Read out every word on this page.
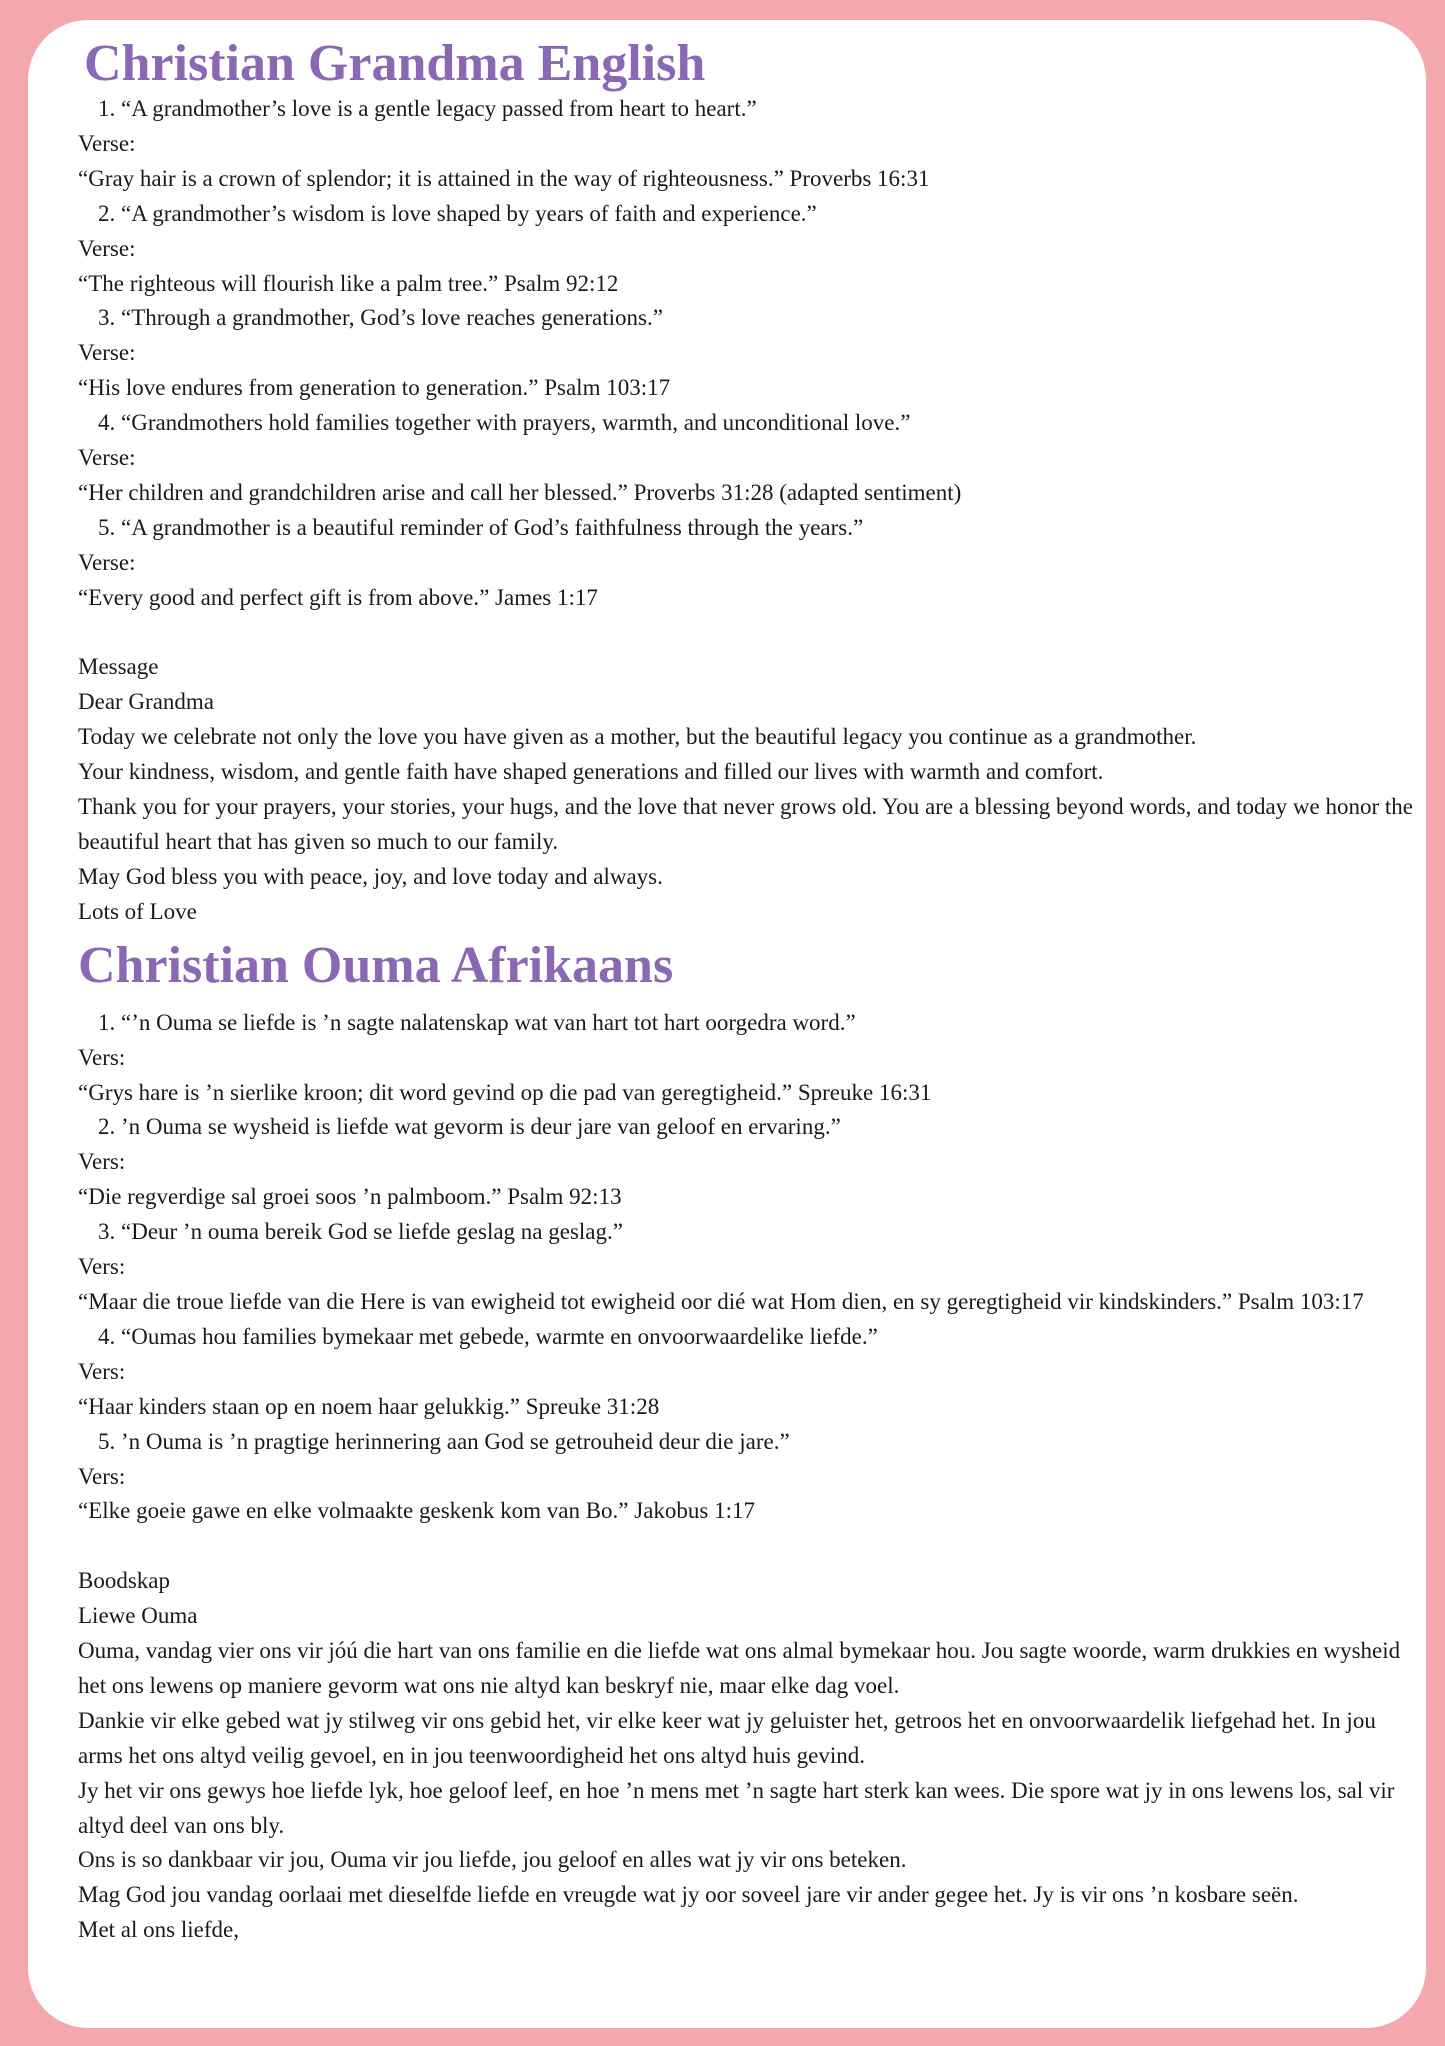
Christian Grandma English
1. “A grandmother’s love is a gentle legacy passed from heart to heart.”
Verse:
“Gray hair is a crown of splendor; it is attained in the way of righteousness.” Proverbs 16:31
2. “A grandmother’s wisdom is love shaped by years of faith and experience.”
Verse:
“The righteous will flourish like a palm tree.” Psalm 92:12
3. “Through a grandmother, God’s love reaches generations.”
Verse:
“His love endures from generation to generation.” Psalm 103:17
4. “Grandmothers hold families together with prayers, warmth, and unconditional love.”
Verse:
“Her children and grandchildren arise and call her blessed.” Proverbs 31:28 (adapted sentiment)
5. “A grandmother is a beautiful reminder of God’s faithfulness through the years.”
Verse:
“Every good and perfect gift is from above.” James 1:17
Message
Dear Grandma
Today we celebrate not only the love you have given as a mother, but the beautiful legacy you continue as a grandmother.
Your kindness, wisdom, and gentle faith have shaped generations and filled our lives with warmth and comfort.
Thank you for your prayers, your stories, your hugs, and the love that never grows old. You are a blessing beyond words, and today we honor the beautiful heart that has given so much to our family.
May God bless you with peace, joy, and love today and always.
Lots of Love
Christian Ouma Afrikaans
1. “’n Ouma se liefde is ’n sagte nalatenskap wat van hart tot hart oorgedra word.”
Vers:
“Grys hare is ’n sierlike kroon; dit word gevind op die pad van geregtigheid.” Spreuke 16:31
2. ’n Ouma se wysheid is liefde wat gevorm is deur jare van geloof en ervaring.”
Vers:
“Die regverdige sal groei soos ’n palmboom.” Psalm 92:13
3. “Deur ’n ouma bereik God se liefde geslag na geslag.”
Vers:
“Maar die troue liefde van die Here is van ewigheid tot ewigheid oor dié wat Hom dien, en sy geregtigheid vir kindskinders.” Psalm 103:17
4. “Oumas hou families bymekaar met gebede, warmte en onvoorwaardelike liefde.”
Vers:
“Haar kinders staan op en noem haar gelukkig.” Spreuke 31:28
5. ’n Ouma is ’n pragtige herinnering aan God se getrouheid deur die jare.”
Vers:
“Elke goeie gawe en elke volmaakte geskenk kom van Bo.” Jakobus 1:17
Boodskap
Liewe Ouma
Ouma, vandag vier ons vir jóú die hart van ons familie en die liefde wat ons almal bymekaar hou. Jou sagte woorde, warm drukkies en wysheid het ons lewens op maniere gevorm wat ons nie altyd kan beskryf nie, maar elke dag voel.
Dankie vir elke gebed wat jy stilweg vir ons gebid het, vir elke keer wat jy geluister het, getroos het en onvoorwaardelik liefgehad het. In jou arms het ons altyd veilig gevoel, en in jou teenwoordigheid het ons altyd huis gevind.
Jy het vir ons gewys hoe liefde lyk, hoe geloof leef, en hoe ’n mens met ’n sagte hart sterk kan wees. Die spore wat jy in ons lewens los, sal vir altyd deel van ons bly.
Ons is so dankbaar vir jou, Ouma vir jou liefde, jou geloof en alles wat jy vir ons beteken.
Mag God jou vandag oorlaai met dieselfde liefde en vreugde wat jy oor soveel jare vir ander gegee het. Jy is vir ons ’n kosbare seën.
Met al ons liefde,
